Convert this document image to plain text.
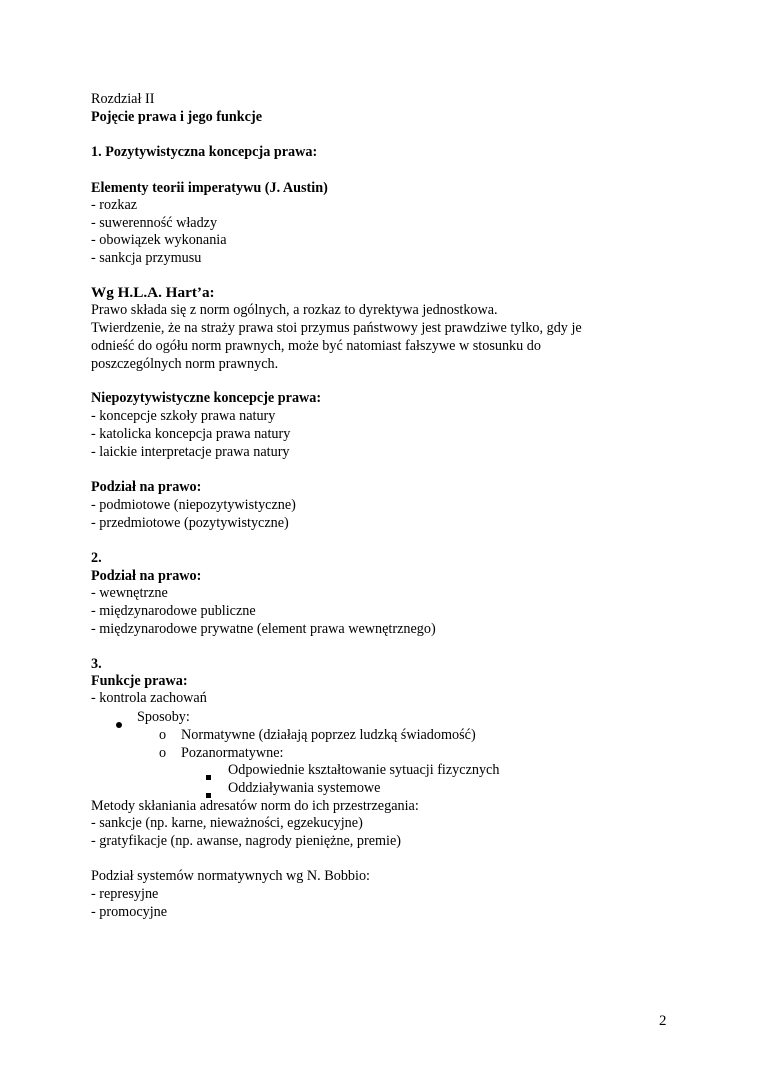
Rozdział II
Pojęcie prawa i jego funkcje
1. Pozytywistyczna koncepcja prawa:
Elementy teorii imperatywu (J. Austin)
- rozkaz
- suwerenność władzy
- obowiązek wykonania
- sankcja przymusu
Wg H.L.A. Hart’a:
Prawo składa się z norm ogólnych, a rozkaz to dyrektywa jednostkowa.
Twierdzenie, że na straży prawa stoi przymus państwowy jest prawdziwe tylko, gdy je
odnieść do ogółu norm prawnych, może być natomiast fałszywe w stosunku do
poszczególnych norm prawnych.
Niepozytywistyczne koncepcje prawa:
- koncepcje szkoły prawa natury
- katolicka koncepcja prawa natury
- laickie interpretacje prawa natury
Podział na prawo:
- podmiotowe (niepozytywistyczne)
- przedmiotowe (pozytywistyczne)
2.
Podział na prawo:
- wewnętrzne
- międzynarodowe publiczne
- międzynarodowe prywatne (element prawa wewnętrznego)
3.
Funkcje prawa:
- kontrola zachowań
Sposoby:
o Normatywne (działają poprzez ludzką świadomość)
o Pozanormatywne:
Odpowiednie kształtowanie sytuacji fizycznych
Oddziaływania systemowe
Metody skłaniania adresatów norm do ich przestrzegania:
- sankcje (np. karne, nieważności, egzekucyjne)
- gratyfikacje (np. awanse, nagrody pieniężne, premie)
Podział systemów normatywnych wg N. Bobbio:
- represyjne
- promocyjne
2
